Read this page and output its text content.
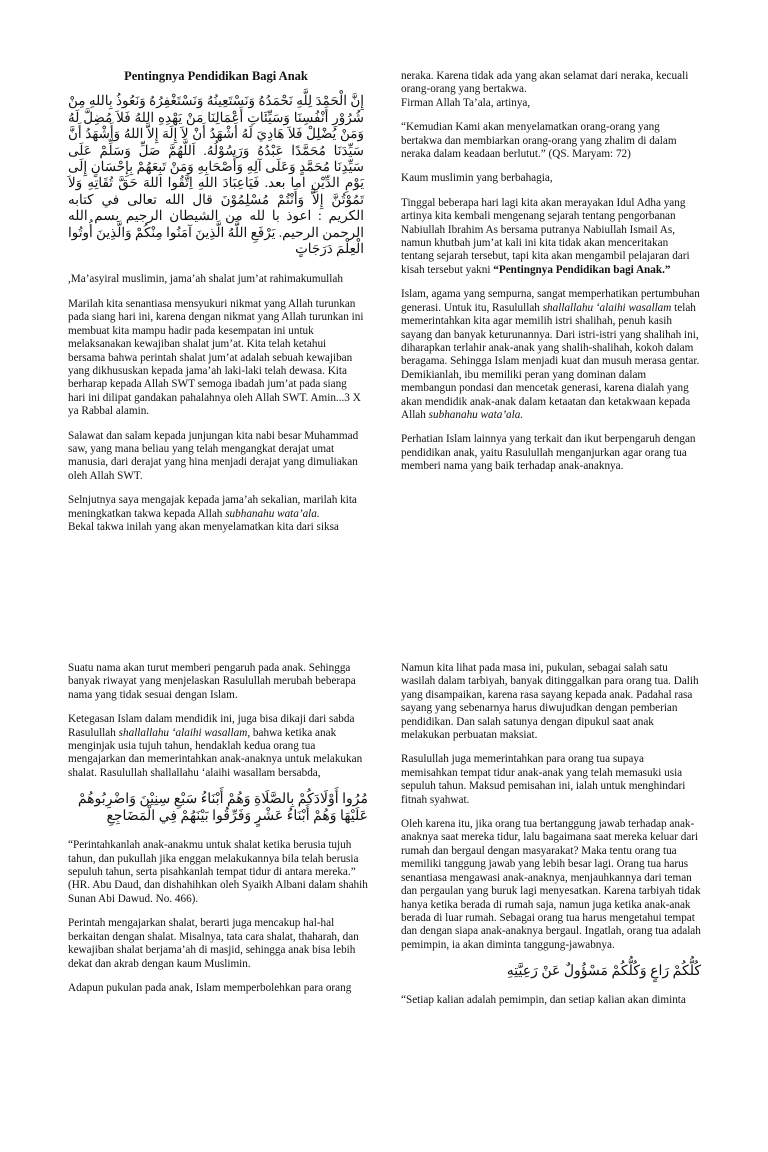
Pentingnya Pendidikan Bagi Anak
إِنَّ الْحَمْدَ لِلَّهِ نَحْمَدُهُ وَنَسْتَعِينُهُ وَنَسْتَغْفِرُهُ وَنَعُوذُ بِاللهِ مِنْ شُرُوْرِ أَنْفُسِنَا وَسَيِّئَاتِ أَعْمَالِنَا مَنْ يَهْدِهِ اللهُ فَلاَ مُضِلَّ لَهُ وَمَنْ يُضْلِلْ فَلاَ هَادِيَ لَهُ أَشْهَدُ أَنْ لاَ إِلَهَ إِلاَّ اللهُ وَأَشْهَدُ أَنَّ سَيِّدَنَا مُحَمَّدًا عَبْدُهُ وَرَسُوْلُهُ. اَللَّهُمَّ صَلِّ وَسَلِّمْ عَلَى سَيِّدِنَا مُحَمَّدٍ وَعَلَى آلِهِ وَأَصْحَابِهِ وَمَنْ تَبِعَهُمْ بِإِحْسَانٍ إِلَى يَوْمِ الدِّيْنِ اما بعد. فَيَاعِبَادَ اللهِ اِتَّقُوا اللهَ حَقَّ تُقَاتِهِ وَلاَ تَمُوْتُنَّ إِلاَّ وَأَنْتُمْ مُسْلِمُوْنَ قال الله تعالى في كتابه الكريم : اعوذ با لله من الشيطان الرجيم بسم الله الرحمن الرحيم. يَرْفَعِ اللَّهُ الَّذِينَ آمَنُوا مِنْكُمْ وَالَّذِينَ أُوتُوا الْعِلْمَ دَرَجَاتٍ

,Ma’asyiral muslimin, jama’ah shalat jum’at rahimakumullah

Marilah kita senantiasa mensyukuri nikmat yang Allah turunkan pada siang hari ini, karena dengan nikmat yang Allah turunkan ini membuat kita mampu hadir pada kesempatan ini untuk melaksanakan kewajiban shalat jum’at. Kita telah ketahui bersama bahwa perintah shalat jum’at adalah sebuah kewajiban yang dikhususkan kepada jama’ah laki-laki telah dewasa. Kita berharap kepada Allah SWT semoga ibadah jum’at pada siang hari ini dilipat gandakan pahalahnya oleh Allah SWT. Amin...3 X ya Rabbal alamin.

Salawat dan salam kepada junjungan kita nabi besar Muhammad saw, yang mana beliau yang telah mengangkat derajat umat manusia, dari derajat yang hina menjadi derajat yang dimuliakan oleh Allah SWT.

Selnjutnya saya mengajak kepada jama’ah sekalian, marilah kita meningkatkan takwa kepada Allah subhanahu wata’ala.
Bekal takwa inilah yang akan menyelamatkan kita dari siksa

neraka. Karena tidak ada yang akan selamat dari neraka, kecuali orang-orang yang bertakwa.
Firman Allah Ta’ala, artinya,

“Kemudian Kami akan menyelamatkan orang-orang yang bertakwa dan membiarkan orang-orang yang zhalim di dalam neraka dalam keadaan berlutut.” (QS. Maryam: 72)

Kaum muslimin yang berbahagia,

Tinggal beberapa hari lagi kita akan merayakan Idul Adha yang artinya kita kembali mengenang sejarah tentang pengorbanan Nabiullah Ibrahim As bersama putranya Nabiullah Ismail As, namun khutbah jum’at kali ini kita tidak akan menceritakan tentang sejarah tersebut, tapi kita akan mengambil pelajaran dari kisah tersebut yakni “Pentingnya Pendidikan bagi Anak.”

Islam, agama yang sempurna, sangat memperhatikan pertumbuhan generasi. Untuk itu, Rasulullah shallallahu ‘alaihi wasallam telah memerintahkan kita agar memilih istri shalihah, penuh kasih sayang dan banyak keturunannya. Dari istri-istri yang shalihah ini, diharapkan terlahir anak-anak yang shalih-shalihah, kokoh dalam beragama. Sehingga Islam menjadi kuat dan musuh merasa gentar. Demikianlah, ibu memiliki peran yang dominan dalam membangun pondasi dan mencetak generasi, karena dialah yang akan mendidik anak-anak dalam ketaatan dan ketakwaan kepada Allah subhanahu wata’ala.

Perhatian Islam lainnya yang terkait dan ikut berpengaruh dengan pendidikan anak, yaitu Rasulullah menganjurkan agar orang tua memberi nama yang baik terhadap anak-anaknya.

Suatu nama akan turut memberi pengaruh pada anak. Sehingga banyak riwayat yang menjelaskan Rasulullah merubah beberapa nama yang tidak sesuai dengan Islam.

Ketegasan Islam dalam mendidik ini, juga bisa dikaji dari sabda Rasulullah shallallahu ‘alaihi wasallam, bahwa ketika anak menginjak usia tujuh tahun, hendaklah kedua orang tua mengajarkan dan memerintahkan anak-anaknya untuk melakukan shalat. Rasulullah shallallahu ‘alaihi wasallam bersabda,

مُرُوا أَوْلَادَكُمْ بِالصَّلَاةِ وَهُمْ أَبْنَاءُ سَبْعِ سِنِيْنَ وَاضْرِبُوهُمْ عَلَيْهَا وَهُمْ أَبْنَاءُ عَشْرٍ وَفَرِّقُوا بَيْنَهُمْ فِي الْمَضَاجِعِ

“Perintahkanlah anak-anakmu untuk shalat ketika berusia tujuh tahun, dan pukullah jika enggan melakukannya bila telah berusia sepuluh tahun, serta pisahkanlah tempat tidur di antara mereka.” (HR. Abu Daud, dan dishahihkan oleh Syaikh Albani dalam shahih Sunan Abi Dawud. No. 466).

Perintah mengajarkan shalat, berarti juga mencakup hal-hal berkaitan dengan shalat. Misalnya, tata cara shalat, thaharah, dan kewajiban shalat berjama’ah di masjid, sehingga anak bisa lebih dekat dan akrab dengan kaum Muslimin.

Adapun pukulan pada anak, Islam memperbolehkan para orang

Namun kita lihat pada masa ini, pukulan, sebagai salah satu wasilah dalam tarbiyah, banyak ditinggalkan para orang tua. Dalih yang disampaikan, karena rasa sayang kepada anak. Padahal rasa sayang yang sebenarnya harus diwujudkan dengan pemberian pendidikan. Dan salah satunya dengan dipukul saat anak melakukan perbuatan maksiat.

Rasulullah juga memerintahkan para orang tua supaya memisahkan tempat tidur anak-anak yang telah memasuki usia sepuluh tahun. Maksud pemisahan ini, ialah untuk menghindari fitnah syahwat.

Oleh karena itu, jika orang tua bertanggung jawab terhadap anak-anaknya saat mereka tidur, lalu bagaimana saat mereka keluar dari rumah dan bergaul dengan masyarakat? Maka tentu orang tua memiliki tanggung jawab yang lebih besar lagi. Orang tua harus senantiasa mengawasi anak-anaknya, menjauhkannya dari teman dan pergaulan yang buruk lagi menyesatkan. Karena tarbiyah tidak hanya ketika berada di rumah saja, namun juga ketika anak-anak berada di luar rumah. Sebagai orang tua harus mengetahui tempat dan dengan siapa anak-anaknya bergaul. Ingatlah, orang tua adalah pemimpin, ia akan diminta tanggung-jawabnya.

كُلُّكُمْ رَاعٍ وَكُلُّكُمْ مَسْؤُولٌ عَنْ رَعِيَّتِهِ

“Setiap kalian adalah pemimpin, dan setiap kalian akan diminta
